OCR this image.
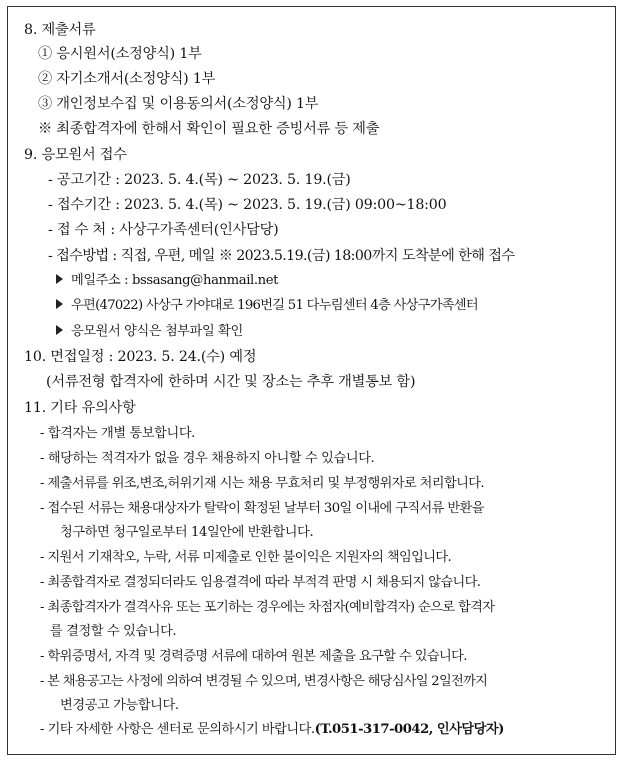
8. 제출서류
① 응시원서(소정양식) 1부
② 자기소개서(소정양식) 1부
③ 개인정보수집 및 이용동의서(소정양식) 1부
※ 최종합격자에 한해서 확인이 필요한 증빙서류 등 제출
9. 응모원서 접수
- 공고기간 : 2023. 5. 4.(목) ~ 2023. 5. 19.(금)
- 접수기간 : 2023. 5. 4.(목) ~ 2023. 5. 19.(금) 09:00~18:00
- 접 수 처 : 사상구가족센터(인사담당)
- 접수방법 : 직접, 우편, 메일 ※ 2023.5.19.(금) 18:00까지 도착분에 한해 접수
메일주소 : bssasang@hanmail.net
우편(47022) 사상구 가야대로 196번길 51 다누림센터 4층 사상구가족센터
응모원서 양식은 첨부파일 확인
10. 면접일정 : 2023. 5. 24.(수) 예정
(서류전형 합격자에 한하며 시간 및 장소는 추후 개별통보 함)
11. 기타 유의사항
- 합격자는 개별 통보합니다.
- 해당하는 적격자가 없을 경우 채용하지 아니할 수 있습니다.
- 제출서류를 위조,변조,허위기재 시는 채용 무효처리 및 부정행위자로 처리합니다.
- 접수된 서류는 채용대상자가 탈락이 확정된 날부터 30일 이내에 구직서류 반환을
청구하면 청구일로부터 14일안에 반환합니다.
- 지원서 기재착오, 누락, 서류 미제출로 인한 불이익은 지원자의 책임입니다.
- 최종합격자로 결정되더라도 임용결격에 따라 부적격 판명 시 채용되지 않습니다.
- 최종합격자가 결격사유 또는 포기하는 경우에는 차점자(예비합격자) 순으로 합격자
를 결정할 수 있습니다.
- 학위증명서, 자격 및 경력증명 서류에 대하여 원본 제출을 요구할 수 있습니다.
- 본 채용공고는 사정에 의하여 변경될 수 있으며, 변경사항은 해당심사일 2일전까지
변경공고 가능합니다.
- 기타 자세한 사항은 센터로 문의하시기 바랍니다.(T.051-317-0042, 인사담당자)
